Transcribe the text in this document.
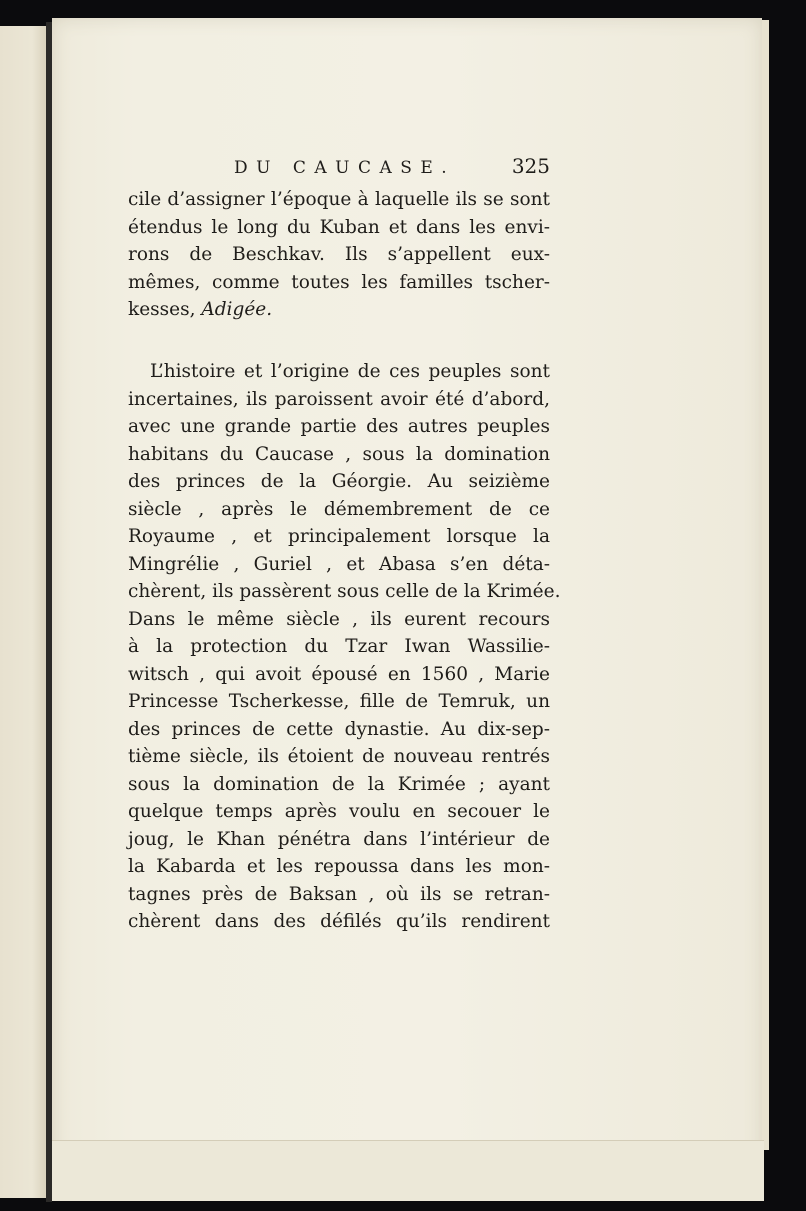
DU CAUCASE.	325
cile d’assigner l’époque à laquelle ils se sont
étendus le long du Kuban et dans les envi-
rons de Beschkav. Ils s’appellent eux-
mêmes, comme toutes les familles tscher-
kesses, Adigée.
L’histoire et l’origine de ces peuples sont
incertaines, ils paroissent avoir été d’abord,
avec une grande partie des autres peuples
habitans du Caucase , sous la domination
des princes de la Géorgie. Au seizième
siècle , après le démembrement de ce
Royaume , et principalement lorsque la
Mingrélie , Guriel , et Abasa s’en déta-
chèrent, ils passèrent sous celle de la Krimée.
Dans le même siècle , ils eurent recours
à la protection du Tzar Iwan Wassilie-
witsch , qui avoit épousé en 1560 , Marie
Princesse Tscherkesse, fille de Temruk, un
des princes de cette dynastie. Au dix-sep-
tième siècle, ils étoient de nouveau rentrés
sous la domination de la Krimée ; ayant
quelque temps après voulu en secouer le
joug, le Khan pénétra dans l’intérieur de
la Kabarda et les repoussa dans les mon-
tagnes près de Baksan , où ils se retran-
chèrent dans des défilés qu’ils rendirent
